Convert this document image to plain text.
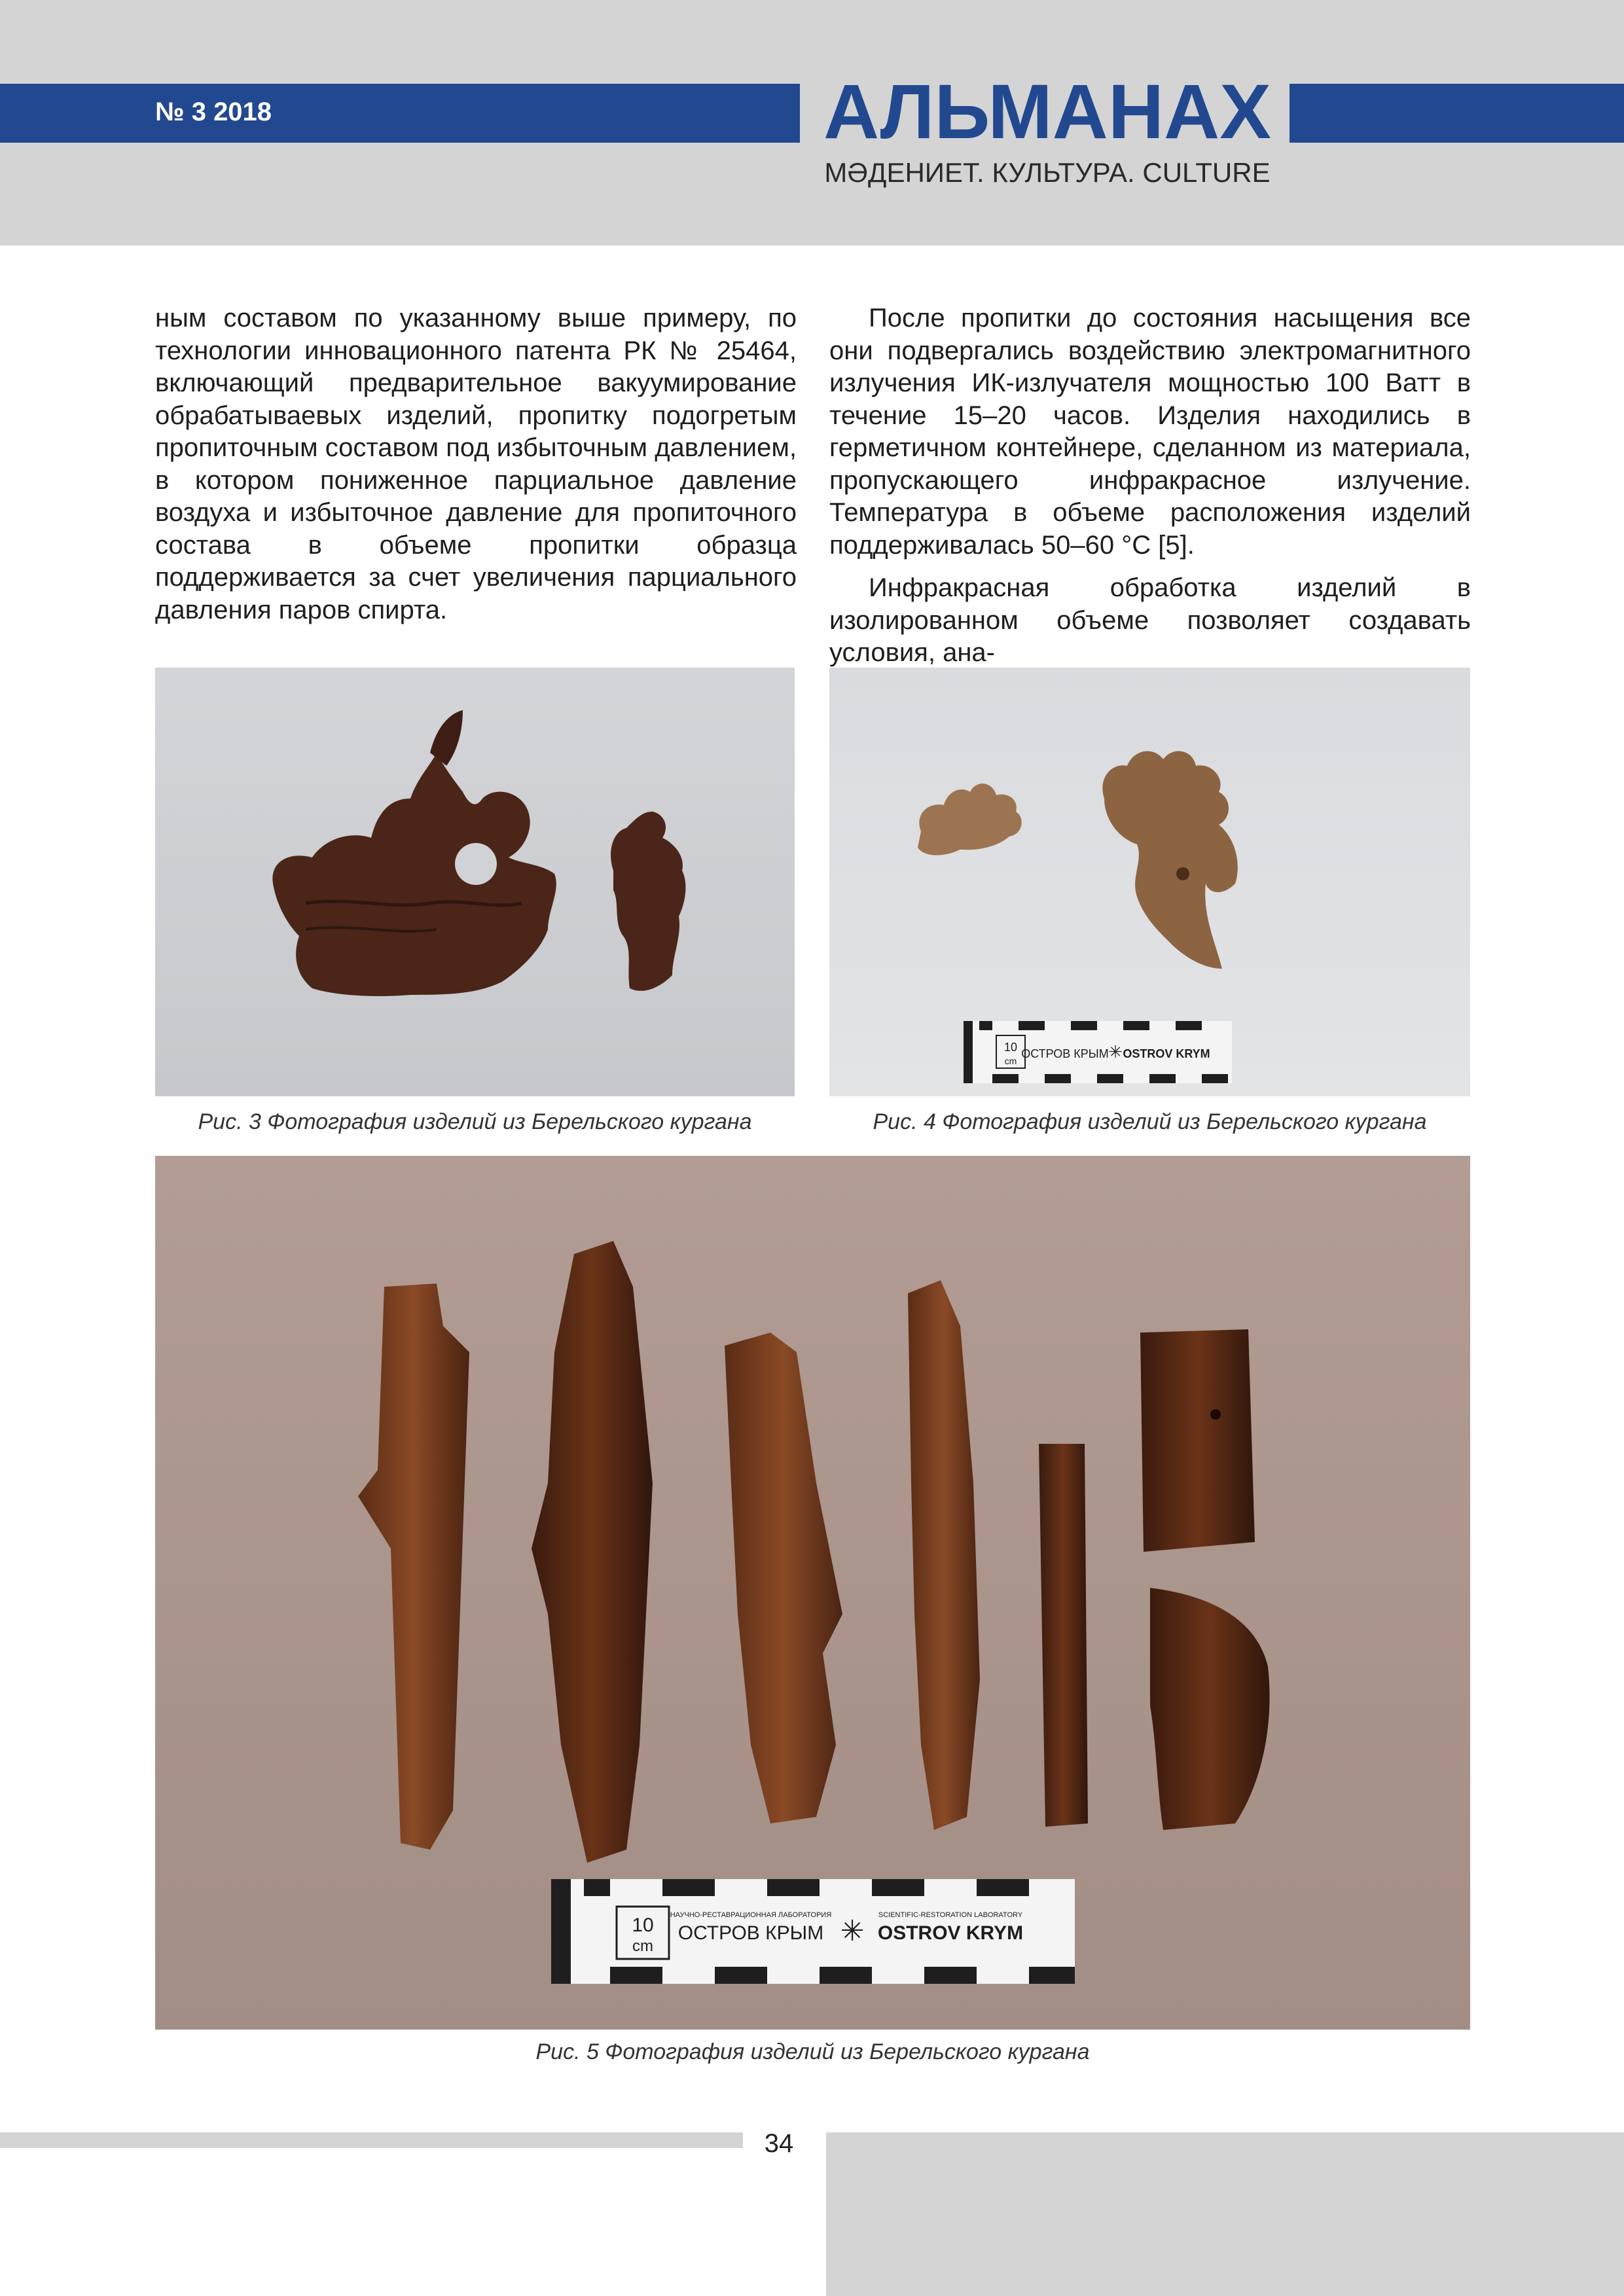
№ 3 2018	АЛЬМАНАХ
МӘДЕНИЕТ. КУЛЬТУРА. CULTURE

ным составом по указанному выше примеру, по технологии инновационного патента РК № 25464, включающий предварительное вакуумирование обрабатываевых изделий, пропитку подогретым пропиточным составом под избыточным давлением, в котором пониженное парциальное давление воздуха и избыточное давление для пропиточного состава в объеме пропитки образца поддерживается за счет увеличения парциального давления паров спирта.

После пропитки до состояния насыщения все они подвергались воздействию электромагнитного излучения ИК-излучателя мощностью 100 Ватт в течение 15–20 часов. Изделия находились в герметичном контейнере, сделанном из материала, пропускающего инфракрасное излучение. Температура в объеме расположения изделий поддерживалась 50–60 °C [5].

Инфракрасная обработка изделий в изолированном объеме позволяет создавать условия, ана-

Рис. 3 Фотография изделий из Берельского кургана
10
cm
ОСТРОВ КРЫМ OSTROV KRYM
✳
Рис. 4 Фотография изделий из Берельского кургана
10
cm
НАУЧНО-РЕСТАВРАЦИОННАЯ ЛАБОРАТОРИЯ
ОСТРОВ КРЫМ
SCIENTIFIC-RESTORATION LABORATORY
OSTROV KRYM
✳
Рис. 5 Фотография изделий из Берельского кургана
34
